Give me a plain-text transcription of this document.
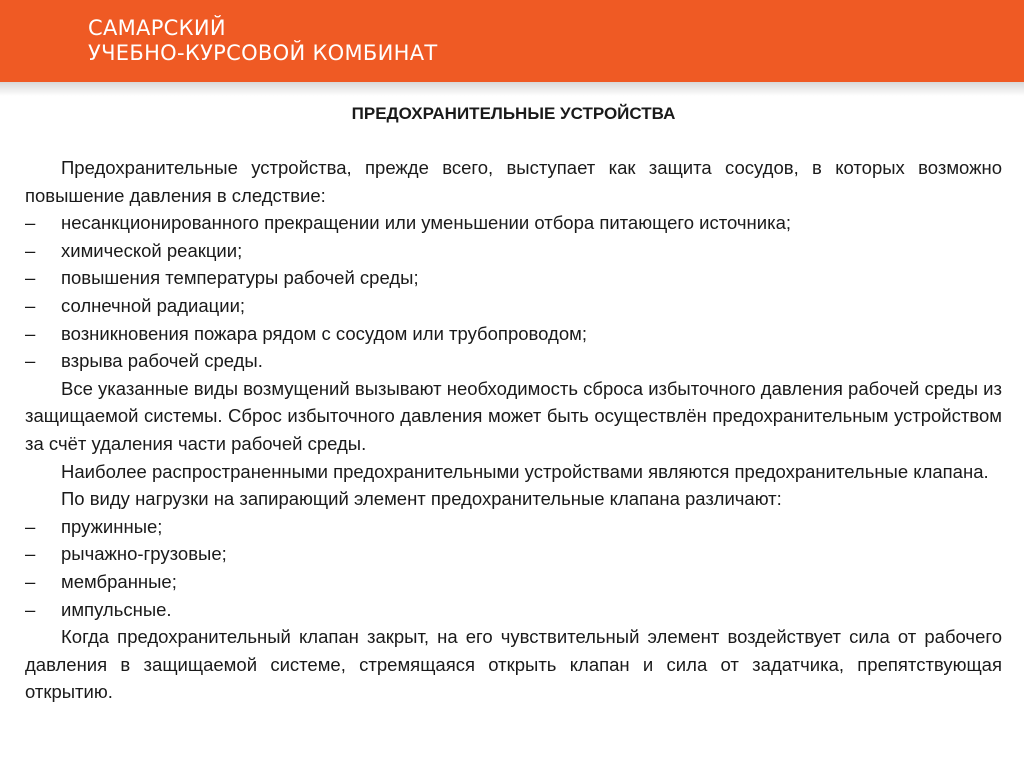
САМАРСКИЙ
УЧЕБНО-КУРСОВОЙ КОМБИНАТ
ПРЕДОХРАНИТЕЛЬНЫЕ УСТРОЙСТВА

Предохранительные устройства, прежде всего, выступает как защита сосудов, в которых возможно повышение давления в следствие:

– несанкционированного прекращении или уменьшении отбора питающего источника;
– химической реакции;
– повышения температуры рабочей среды;
– солнечной радиации;
– возникновения пожара рядом с сосудом или трубопроводом;
– взрыва рабочей среды.

Все указанные виды возмущений вызывают необходимость сброса избыточного давления рабочей среды из защищаемой системы. Сброс избыточного давления может быть осуществлён предохранительным устройством за счёт удаления части рабочей среды.

Наиболее распространенными предохранительными устройствами являются предохранительные клапана.

По виду нагрузки на запирающий элемент предохранительные клапана различают:

– пружинные;
– рычажно-грузовые;
– мембранные;
– импульсные.

Когда предохранительный клапан закрыт, на его чувствительный элемент воздействует сила от рабочего давления в защищаемой системе, стремящаяся открыть клапан и сила от задатчика, препятствующая открытию.
